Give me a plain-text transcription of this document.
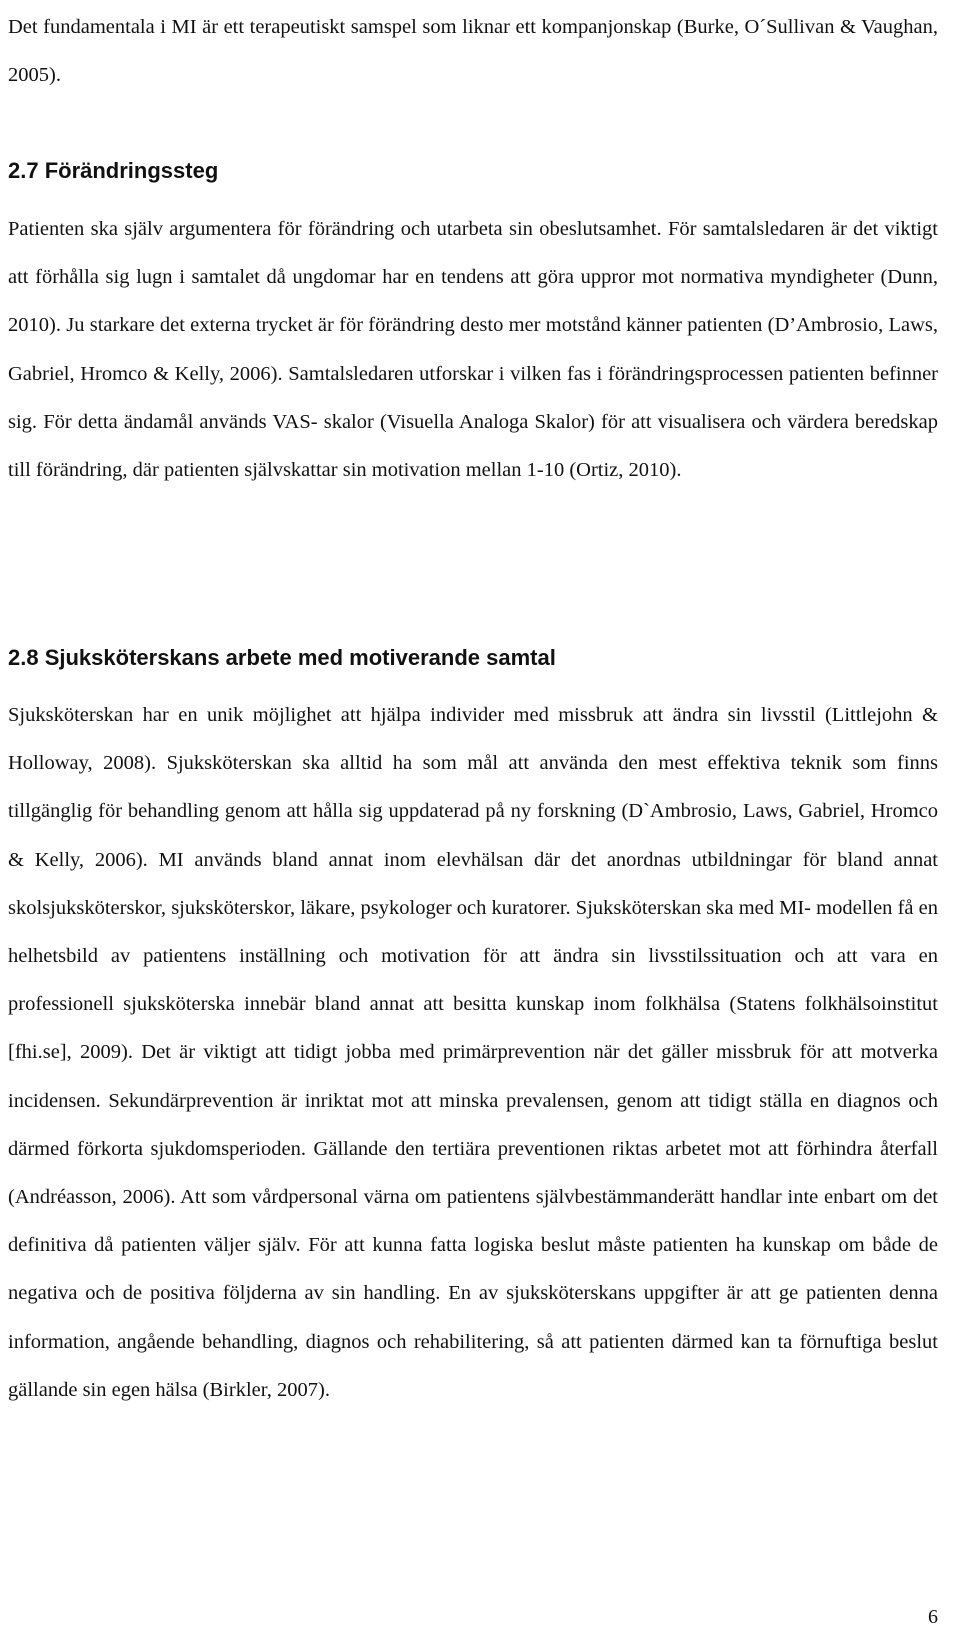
Det fundamentala i MI är ett terapeutiskt samspel som liknar ett kompanjonskap (Burke, O´Sullivan & Vaughan, 2005).

2.7 Förändringssteg

Patienten ska själv argumentera för förändring och utarbeta sin obeslutsamhet. För samtalsledaren är det viktigt att förhålla sig lugn i samtalet då ungdomar har en tendens att göra uppror mot normativa myndigheter (Dunn, 2010). Ju starkare det externa trycket är för förändring desto mer motstånd känner patienten (D’Ambrosio, Laws, Gabriel, Hromco & Kelly, 2006). Samtalsledaren utforskar i vilken fas i förändringsprocessen patienten befinner sig. För detta ändamål används VAS- skalor (Visuella Analoga Skalor) för att visualisera och värdera beredskap till förändring, där patienten självskattar sin motivation mellan 1-10 (Ortiz, 2010).

2.8 Sjuksköterskans arbete med motiverande samtal

Sjuksköterskan har en unik möjlighet att hjälpa individer med missbruk att ändra sin livsstil (Littlejohn & Holloway, 2008). Sjuksköterskan ska alltid ha som mål att använda den mest effektiva teknik som finns tillgänglig för behandling genom att hålla sig uppdaterad på ny forskning (D`Ambrosio, Laws, Gabriel, Hromco & Kelly, 2006). MI används bland annat inom elevhälsan där det anordnas utbildningar för bland annat skolsjuksköterskor, sjuksköterskor, läkare, psykologer och kuratorer. Sjuksköterskan ska med MI- modellen få en helhetsbild av patientens inställning och motivation för att ändra sin livsstilssituation och att vara en professionell sjuksköterska innebär bland annat att besitta kunskap inom folkhälsa (Statens folkhälsoinstitut [fhi.se], 2009). Det är viktigt att tidigt jobba med primärprevention när det gäller missbruk för att motverka incidensen. Sekundärprevention är inriktat mot att minska prevalensen, genom att tidigt ställa en diagnos och därmed förkorta sjukdomsperioden. Gällande den tertiära preventionen riktas arbetet mot att förhindra återfall (Andréasson, 2006). Att som vårdpersonal värna om patientens självbestämmanderätt handlar inte enbart om det definitiva då patienten väljer själv. För att kunna fatta logiska beslut måste patienten ha kunskap om både de negativa och de positiva följderna av sin handling. En av sjuksköterskans uppgifter är att ge patienten denna information, angående behandling, diagnos och rehabilitering, så att patienten därmed kan ta förnuftiga beslut gällande sin egen hälsa (Birkler, 2007).

6
